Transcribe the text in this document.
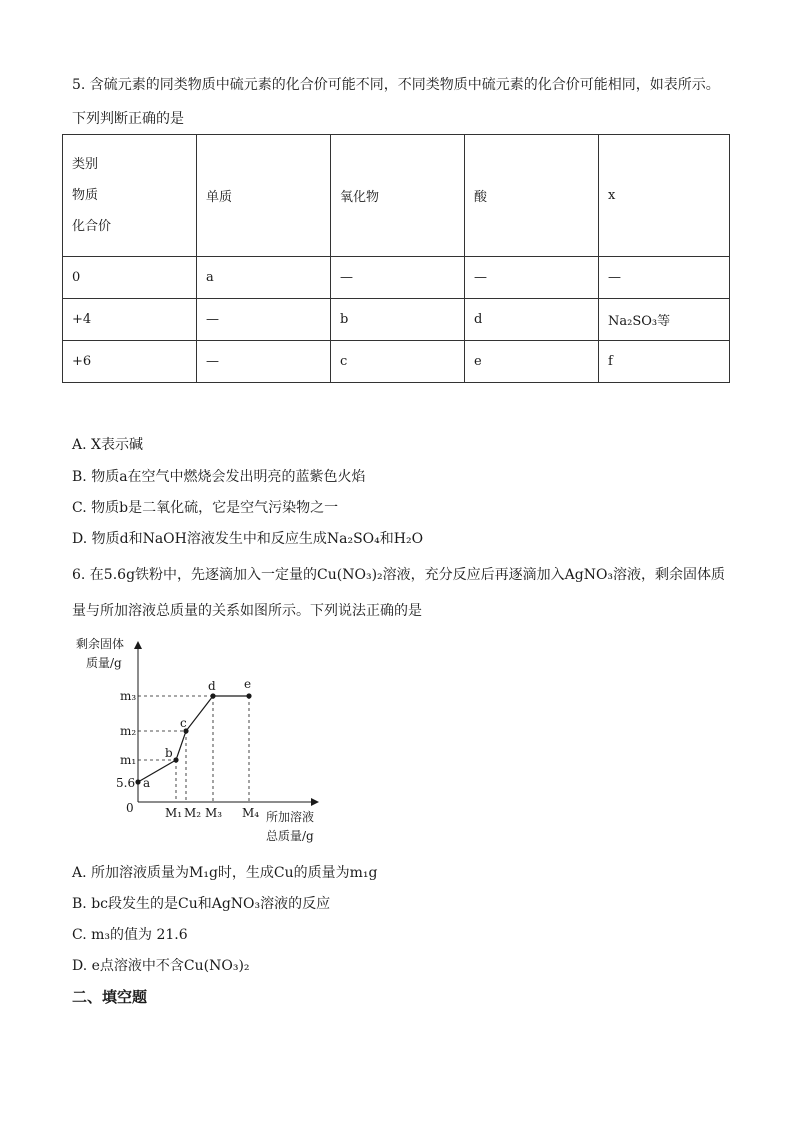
5. 含硫元素的同类物质中硫元素的化合价可能不同，不同类物质中硫元素的化合价可能相同，如表所示。
下列判断正确的是
类别
物质
化合价	单质	氧化物	酸	x
0	a	—	—	—
+4	—	b	d	Na₂SO₃等
+6	—	c	e	f
A. X表示碱
B. 物质a在空气中燃烧会发出明亮的蓝紫色火焰
C. 物质b是二氧化硫，它是空气污染物之一
D. 物质d和NaOH溶液发生中和反应生成Na₂SO₄和H₂O
6. 在5.6g铁粉中，先逐滴加入一定量的Cu(NO₃)₂溶液，充分反应后再逐滴加入AgNO₃溶液，剩余固体质
量与所加溶液总质量的关系如图所示。下列说法正确的是
剩余固体
质量/g
所加溶液
总质量/g
0
5.6
m₁
m₂
m₃
M₁ M₂ M₃ M₄
a
b
c
d e
A. 所加溶液质量为M₁g时，生成Cu的质量为m₁g
B. bc段发生的是Cu和AgNO₃溶液的反应
C. m₃的值为 21.6
D. e点溶液中不含Cu(NO₃)₂
二、填空题
